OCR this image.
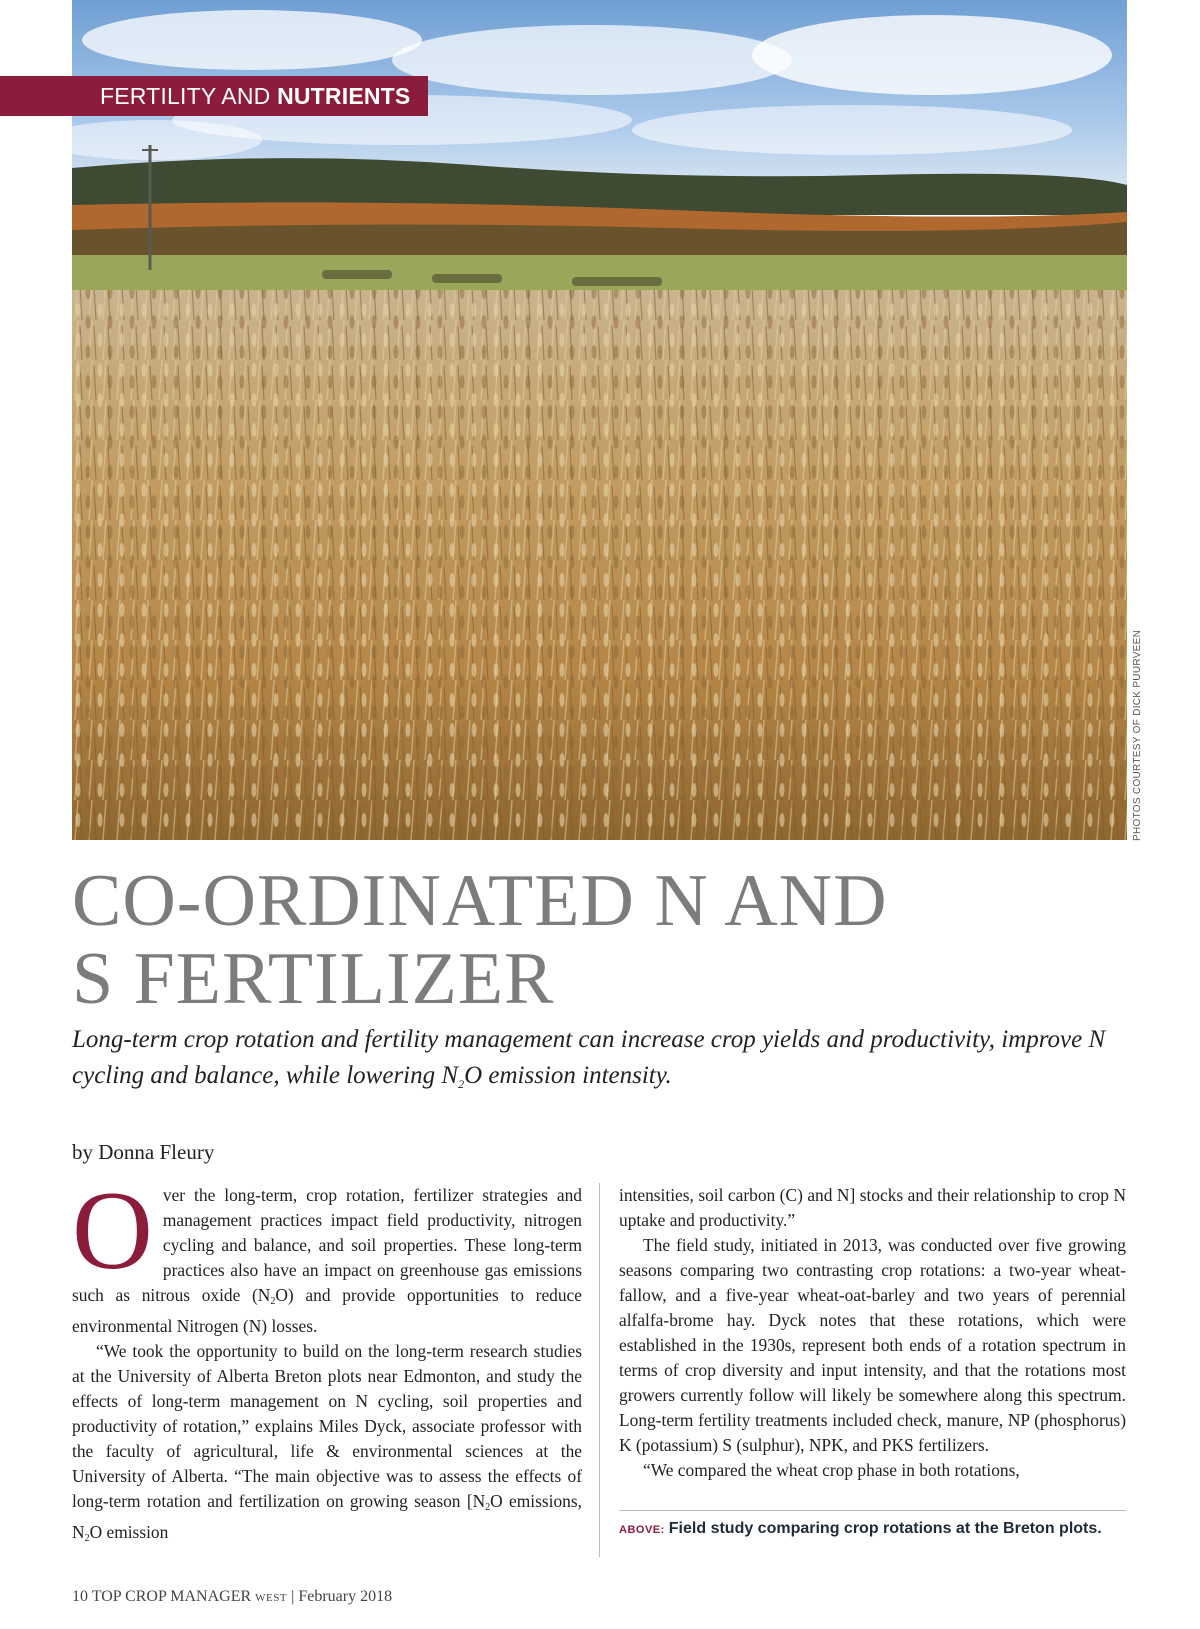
PHOTOS COURTESY OF DICK PUURVEEN
FERTILITY AND NUTRIENTS
CO-ORDINATED N AND
S FERTILIZER

Long-term crop rotation and fertility management can increase crop yields and productivity, improve N cycling and balance, while lowering $N_2O$ emission intensity.

by Donna Fleury

Over the long-term, crop rotation, fertilizer strategies and management practices impact field productivity, nitrogen cycling and balance, and soil properties. These long-term practices also have an impact on greenhouse gas emissions such as nitrous oxide $(N_2O)$ and provide opportunities to reduce environmental Nitrogen (N) losses.

“We took the opportunity to build on the long-term research studies at the University of Alberta Breton plots near Edmonton, and study the effects of long-term management on N cycling, soil properties and productivity of rotation,” explains Miles Dyck, associate professor with the faculty of agricultural, life & environmental sciences at the University of Alberta. “The main objective was to assess the effects of long-term rotation and fertilization on growing season [$N_2O$ emissions, $N_2O$ emission

intensities, soil carbon (C) and N] stocks and their relationship to crop N uptake and productivity.”

The field study, initiated in 2013, was conducted over five growing seasons comparing two contrasting crop rotations: a two-year wheat-fallow, and a five-year wheat-oat-barley and two years of perennial alfalfa-brome hay. Dyck notes that these rotations, which were established in the 1930s, represent both ends of a rotation spectrum in terms of crop diversity and input intensity, and that the rotations most growers currently follow will likely be somewhere along this spectrum. Long-term fertility treatments included check, manure, NP (phosphorus) K (potassium) S (sulphur), NPK, and PKS fertilizers.

“We compared the wheat crop phase in both rotations,

ABOVE: Field study comparing crop rotations at the Breton plots.
10 TOP CROP MANAGER WEST | February 2018
